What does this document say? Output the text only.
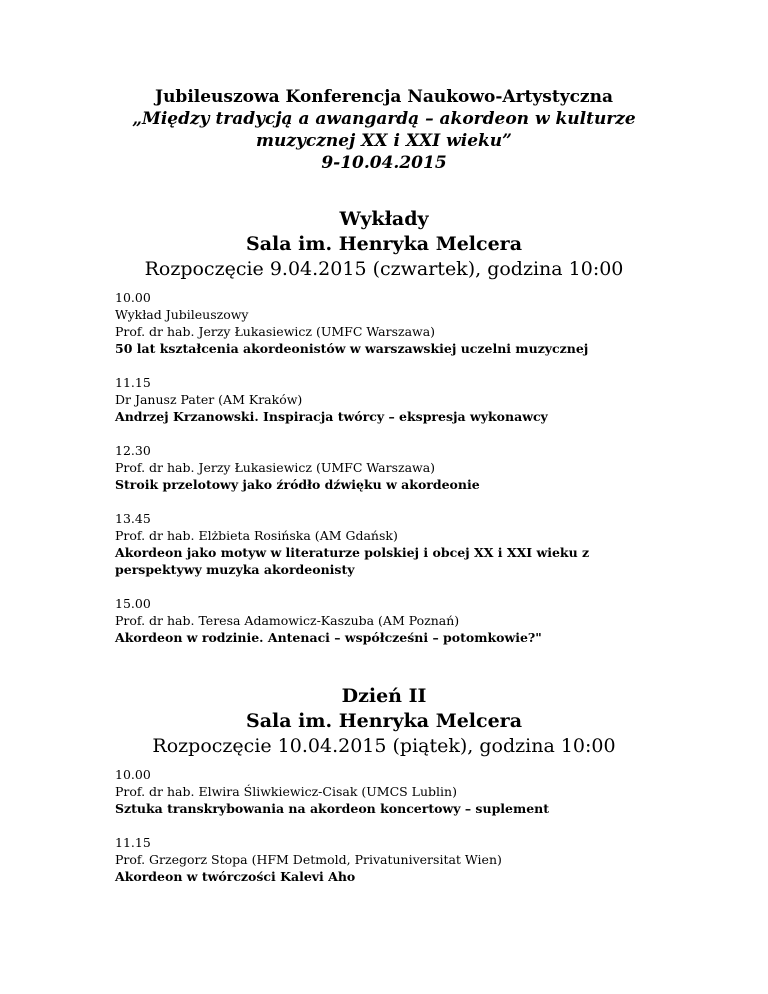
Jubileuszowa Konferencja Naukowo-Artystyczna
„Między tradycją a awangardą – akordeon w kulturze
muzycznej XX i XXI wieku”
9-10.04.2015
Wykłady
Sala im. Henryka Melcera
Rozpoczęcie 9.04.2015 (czwartek), godzina 10:00
10.00
Wykład Jubileuszowy
Prof. dr hab. Jerzy Łukasiewicz (UMFC Warszawa)
50 lat kształcenia akordeonistów w warszawskiej uczelni muzycznej
11.15
Dr Janusz Pater (AM Kraków)
Andrzej Krzanowski. Inspiracja twórcy – ekspresja wykonawcy
12.30
Prof. dr hab. Jerzy Łukasiewicz (UMFC Warszawa)
Stroik przelotowy jako źródło dźwięku w akordeonie
13.45
Prof. dr hab. Elżbieta Rosińska (AM Gdańsk)
Akordeon jako motyw w literaturze polskiej i obcej XX i XXI wieku z perspektywy muzyka akordeonisty
15.00
Prof. dr hab. Teresa Adamowicz-Kaszuba (AM Poznań)
Akordeon w rodzinie. Antenaci – współcześni – potomkowie?"
Dzień II
Sala im. Henryka Melcera
Rozpoczęcie 10.04.2015 (piątek), godzina 10:00
10.00
Prof. dr hab. Elwira Śliwkiewicz-Cisak (UMCS Lublin)
Sztuka transkrybowania na akordeon koncertowy – suplement
11.15
Prof. Grzegorz Stopa (HFM Detmold, Privatuniversitat Wien)
Akordeon w twórczości Kalevi Aho
